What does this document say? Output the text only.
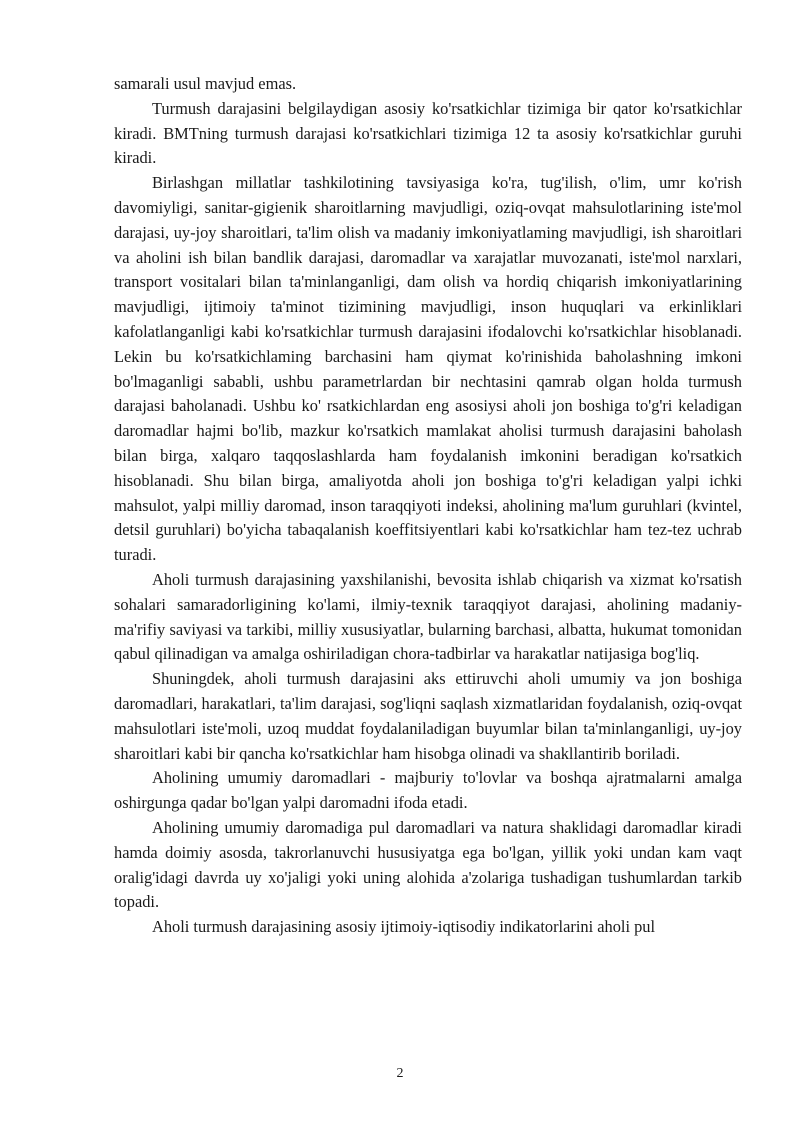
samarali usul mavjud emas.

Turmush darajasini belgilaydigan asosiy ko'rsatkichlar tizimiga bir qator ko'rsatkichlar kiradi. BMTning turmush darajasi ko'rsatkichlari tizimiga 12 ta asosiy ko'rsatkichlar guruhi kiradi.

Birlashgan millatlar tashkilotining tavsiyasiga ko'ra, tug'ilish, o'lim, umr ko'rish davomiyligi, sanitar-gigienik sharoitlarning mavjudligi, oziq-ovqat mahsulotlarining iste'mol darajasi, uy-joy sharoitlari, ta'lim olish va madaniy imkoniyatlaming mavjudligi, ish sharoitlari va aholini ish bilan bandlik darajasi, daromadlar va xarajatlar muvozanati, iste'mol narxlari, transport vositalari bilan ta'minlanganligi, dam olish va hordiq chiqarish imkoniyatlarining mavjudligi, ijtimoiy ta'minot tizimining mavjudligi, inson huquqlari va erkinliklari kafolatlanganligi kabi ko'rsatkichlar turmush darajasini ifodalovchi ko'rsatkichlar hisoblanadi. Lekin bu ko'rsatkichlaming barchasini ham qiymat ko'rinishida baholashning imkoni bo'lmaganligi sababli, ushbu parametrlardan bir nechtasini qamrab olgan holda turmush darajasi baholanadi. Ushbu ko' rsatkichlardan eng asosiysi aholi jon boshiga to'g'ri keladigan daromadlar hajmi bo'lib, mazkur ko'rsatkich mamlakat aholisi turmush darajasini baholash bilan birga, xalqaro taqqoslashlarda ham foydalanish imkonini beradigan ko'rsatkich hisoblanadi. Shu bilan birga, amaliyotda aholi jon boshiga to'g'ri keladigan yalpi ichki mahsulot, yalpi milliy daromad, inson taraqqiyoti indeksi, aholining ma'lum guruhlari (kvintel, detsil guruhlari) bo'yicha tabaqalanish koeffitsiyentlari kabi ko'rsatkichlar ham tez-tez uchrab turadi.

Aholi turmush darajasining yaxshilanishi, bevosita ishlab chiqarish va xizmat ko'rsatish sohalari samaradorligining ko'lami, ilmiy-texnik taraqqiyot darajasi, aholining madaniy-ma'rifiy saviyasi va tarkibi, milliy xususiyatlar, bularning barchasi, albatta, hukumat tomonidan qabul qilinadigan va amalga oshiriladigan chora-tadbirlar va harakatlar natijasiga bog'liq.

Shuningdek, aholi turmush darajasini aks ettiruvchi aholi umumiy va jon boshiga daromadlari, harakatlari, ta'lim darajasi, sog'liqni saqlash xizmatlaridan foydalanish, oziq-ovqat mahsulotlari iste'moli, uzoq muddat foydalaniladigan buyumlar bilan ta'minlanganligi, uy-joy sharoitlari kabi bir qancha ko'rsatkichlar ham hisobga olinadi va shakllantirib boriladi.

Aholining umumiy daromadlari - majburiy to'lovlar va boshqa ajratmalarni amalga oshirgunga qadar bo'lgan yalpi daromadni ifoda etadi.

Aholining umumiy daromadiga pul daromadlari va natura shaklidagi daromadlar kiradi hamda doimiy asosda, takrorlanuvchi hususiyatga ega bo'lgan, yillik yoki undan kam vaqt oralig'idagi davrda uy xo'jaligi yoki uning alohida a'zolariga tushadigan tushumlardan tarkib topadi.

Aholi turmush darajasining asosiy ijtimoiy-iqtisodiy indikatorlarini aholi pul

2
